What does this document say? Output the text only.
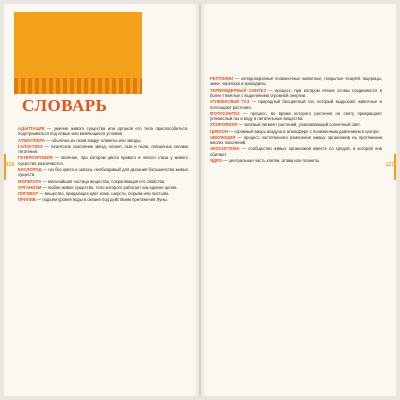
СЛОВАРЬ
126

АДАПТАЦИЯ — умение живого существа или органов его тела приспособиться, подстраиваться под новые или меняющиеся условия.

АТМОСФЕРА — оболочка из газов вокруг планеты или звезды.

ГАЛАКТИКА — гигантское скопление звёзд, планет, газа и пыли, связанных силами тяготения.

ГЕТЕРОХРОМИЯ — явление, при котором цвета правого и левого глаза у живого существа различаются.

КИСЛОРОД — газ без цвета и запаха, необходимый для дыхания большинства живых существ.

МОЛЕКУЛА — мельчайшая частица вещества, сохраняющая его свойства.

ОРГАНИЗМ — любое живое существо, тело которого работает как единое целое.

ПИГМЕНТ — вещество, придающее цвет коже, шерсти, перьям или листьям.

ПРИЛИВ — подъём уровня воды в океане под действием притяжения Луны.

127

РЕПТИЛИИ — холоднокровные позвоночные животные, покрытые чешуёй: ящерицы, змеи, черепахи и крокодилы.

ТЕРМОЯДЕРНЫЙ СИНТЕЗ — процесс, при котором лёгкие атомы соединяются в более тяжёлые с выделением огромной энергии.

УГЛЕКИСЛЫЙ ГАЗ — природный бесцветный газ, который выдыхают животные и поглощают растения.

ФОТОСИНТЕЗ — процесс, во время которого растения на свету превращают углекислый газ и воду в питательные вещества.

ХЛОРОФИЛЛ — зелёный пигмент растений, улавливающий солнечный свет.

ЦИКЛОН — огромный вихрь воздуха в атмосфере с пониженным давлением в центре.

ЭВОЛЮЦИЯ — процесс постепенного изменения живых организмов на протяжении многих поколений.

ЭКОСИСТЕМА — сообщество живых организмов вместе со средой, в которой они обитают.

ЯДРО — центральная часть клетки, атома или планеты.
